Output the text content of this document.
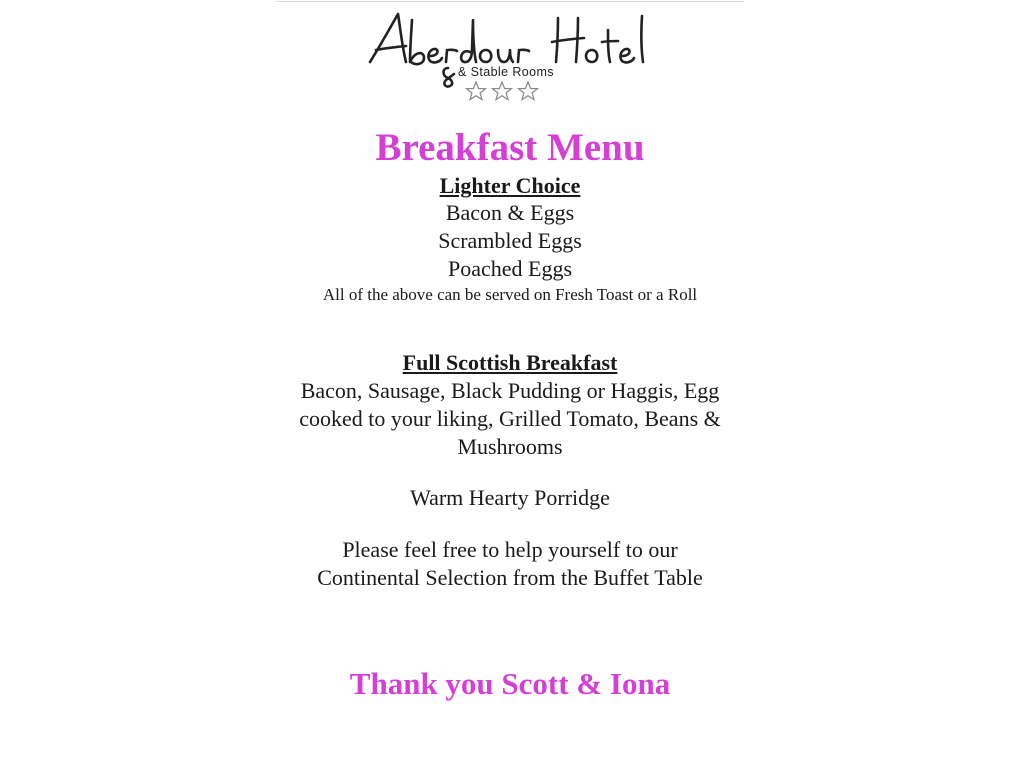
& Stable Rooms
Breakfast Menu
Lighter Choice
Bacon & Eggs
Scrambled Eggs
Poached Eggs
All of the above can be served on Fresh Toast or a Roll
Full Scottish Breakfast
Bacon, Sausage, Black Pudding or Haggis, Egg cooked to your liking, Grilled Tomato, Beans & Mushrooms
Warm Hearty Porridge
Please feel free to help yourself to our Continental Selection from the Buffet Table
Thank you Scott & Iona
